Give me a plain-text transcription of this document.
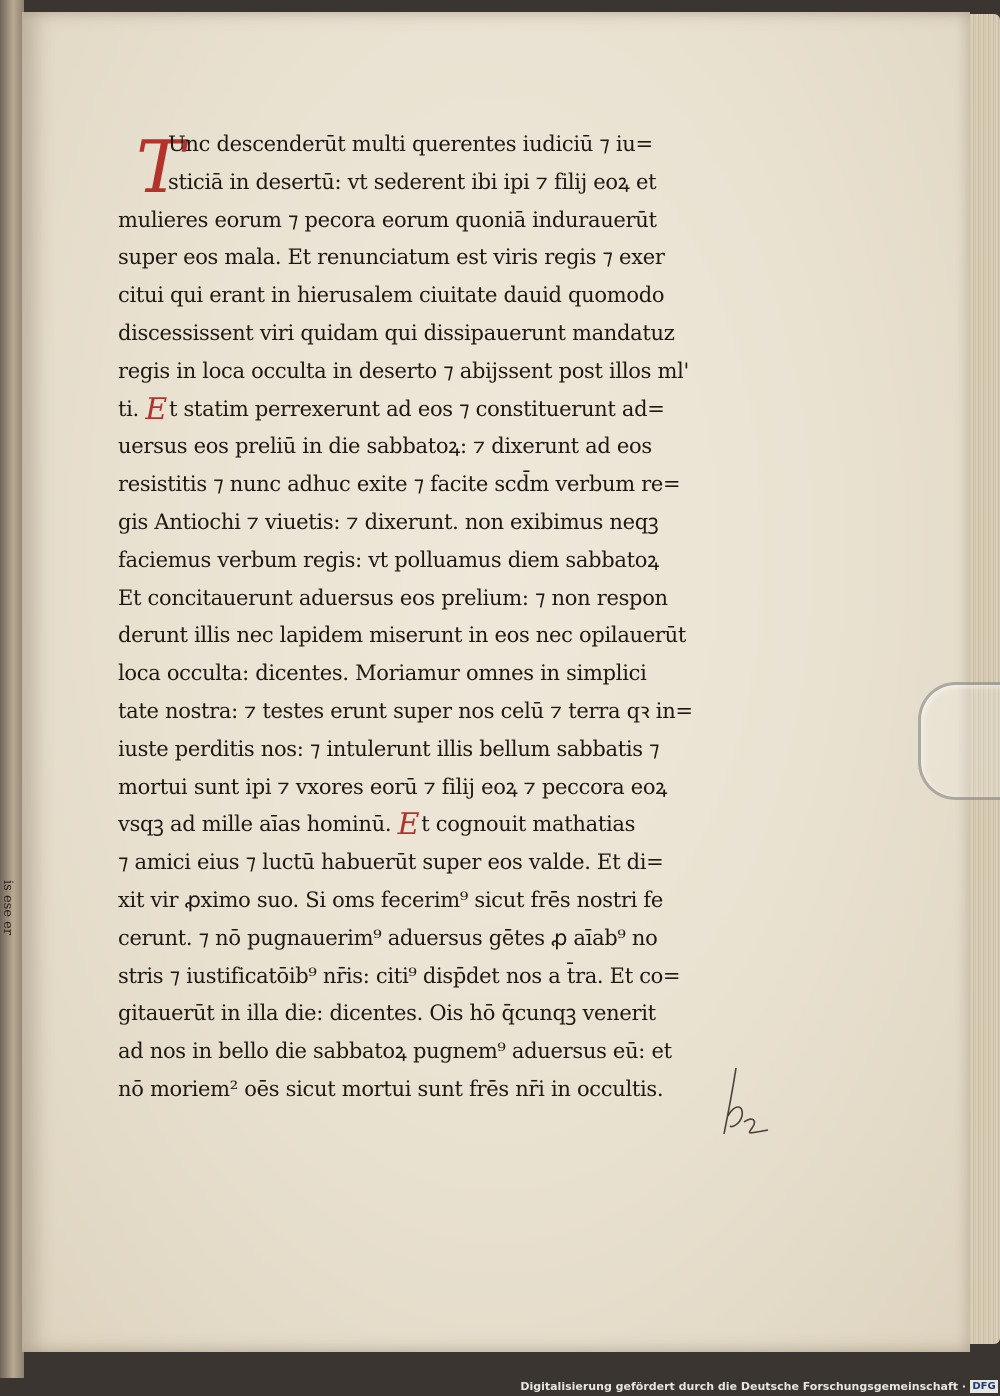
is ese er
T
Unc descenderūt multi querentes iudiciū ⁊ iu=
sticiā in desertū: vt sederent ibi ipi ⁊ filij eoꝝ et
mulieres eorum ⁊ pecora eorum quoniā indurauerūt
super eos mala. Et renunciatum est viris regis ⁊ exer
citui qui erant in hierusalem ciuitate dauid quomodo
discessissent viri quidam qui dissipauerunt mandatuz
regis in loca occulta in deserto ⁊ abijssent post illos ml'
ti. Et statim perrexerunt ad eos ⁊ constituerunt ad=
uersus eos preliū in die sabbatoꝝ: ⁊ dixerunt ad eos
resistitis ⁊ nunc adhuc exite ⁊ facite scd̄m verbum re=
gis Antiochi ⁊ viuetis: ⁊ dixerunt. non exibimus neqꝫ
faciemus verbum regis: vt polluamus diem sabbatoꝝ
Et concitauerunt aduersus eos prelium: ⁊ non respon
derunt illis nec lapidem miserunt in eos nec opilauerūt
loca occulta: dicentes. Moriamur omnes in simplici
tate nostra: ⁊ testes erunt super nos celū ⁊ terra qꝛ in=
iuste perditis nos: ⁊ intulerunt illis bellum sabbatis ⁊
mortui sunt ipi ⁊ vxores eorū ⁊ filij eoꝝ ⁊ peccora eoꝝ
vsqꝫ ad mille aīas hominū. Et cognouit mathatias
⁊ amici eius ⁊ luctū habuerūt super eos valde. Et di=
xit vir ꝓximo suo. Si oms fecerim⁹ sicut frēs nostri fe
cerunt. ⁊ nō pugnauerim⁹ aduersus gētes ꝓ aīab⁹ no
stris ⁊ iustificatōib⁹ nr̄is: citi⁹ disp̄det nos a t̄ra. Et co=
gitauerūt in illa die: dicentes. Ois hō q̄cunqꝫ venerit
ad nos in bello die sabbatoꝝ pugnem⁹ aduersus eū: et
nō moriem² oēs sicut mortui sunt frēs nr̄i in occultis.
Digitalisierung gefördert durch die Deutsche Forschungsgemeinschaft · DFG
